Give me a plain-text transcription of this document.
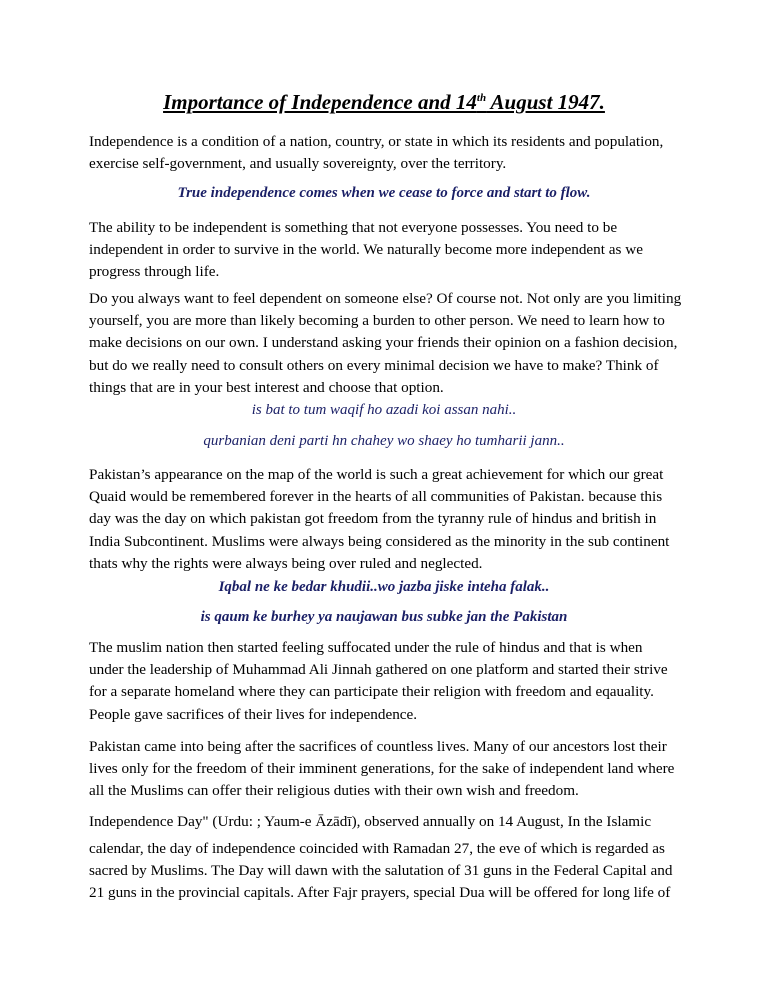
Importance of Independence and 14th August 1947.
Independence is a condition of a nation, country, or state in which its residents and population,
exercise self-government, and usually sovereignty, over the territory.
True independence comes when we cease to force and start to flow.
The ability to be independent is something that not everyone possesses. You need to be
independent in order to survive in the world. We naturally become more independent as we
progress through life.
Do you always want to feel dependent on someone else? Of course not. Not only are you limiting
yourself, you are more than likely becoming a burden to other person. We need to learn how to
make decisions on our own. I understand asking your friends their opinion on a fashion decision,
but do we really need to consult others on every minimal decision we have to make? Think of
things that are in your best interest and choose that option.
is bat to tum waqif ho azadi koi assan nahi..
qurbanian deni parti hn chahey wo shaey ho tumharii jann..
Pakistan’s appearance on the map of the world is such a great achievement for which our great
Quaid would be remembered forever in the hearts of all communities of Pakistan. because this
day was the day on which pakistan got freedom from the tyranny rule of hindus and british in
India Subcontinent. Muslims were always being considered as the minority in the sub continent
thats why the rights were always being over ruled and neglected.
Iqbal ne ke bedar khudii..wo jazba jiske inteha falak..
is qaum ke burhey ya naujawan bus subke jan the Pakistan
The muslim nation then started feeling suffocated under the rule of hindus and that is when
under the leadership of Muhammad Ali Jinnah gathered on one platform and started their strive
for a separate homeland where they can participate their religion with freedom and eqauality.
People gave sacrifices of their lives for independence.
Pakistan came into being after the sacrifices of countless lives. Many of our ancestors lost their
lives only for the freedom of their imminent generations, for the sake of independent land where
all the Muslims can offer their religious duties with their own wish and freedom.
Independence Day" (Urdu: ; Yaum-e Āzādī), observed annually on 14 August, In the Islamic
calendar, the day of independence coincided with Ramadan 27, the eve of which is regarded as
sacred by Muslims. The Day will dawn with the salutation of 31 guns in the Federal Capital and
21 guns in the provincial capitals. After Fajr prayers, special Dua will be offered for long life of
